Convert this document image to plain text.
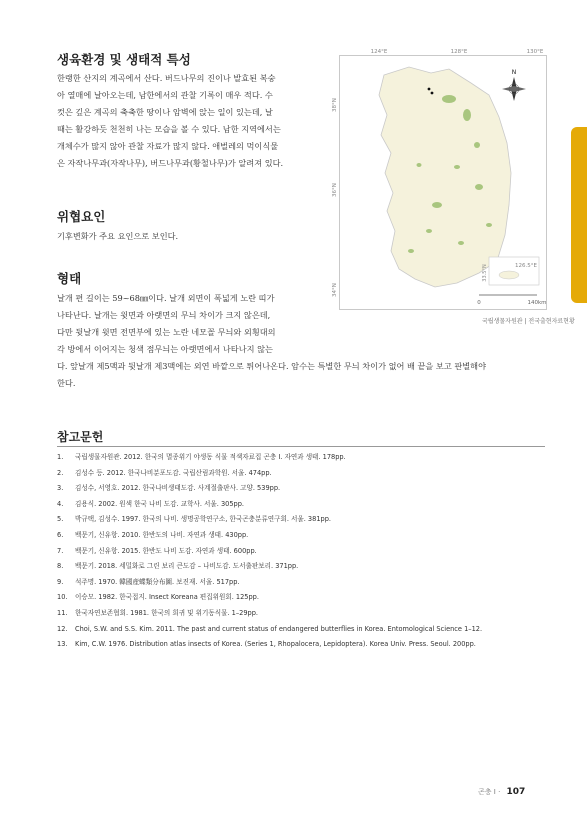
생육환경 및 생태적 특성

한랭한 산지의 계곡에서 산다. 버드나무의 진이나 발효된 복숭
아 열매에 날아오는데, 남한에서의 관찰 기록이 매우 적다. 수
컷은 깊은 계곡의 축축한 땅이나 암벽에 앉는 일이 있는데, 날
때는 활강하듯 천천히 나는 모습을 볼 수 있다. 남한 지역에서는
개체수가 많지 않아 관찰 자료가 많지 않다. 애벌레의 먹이식물
은 자작나무과(자작나무), 버드나무과(황철나무)가 알려져 있다.

위협요인

기후변화가 주요 요인으로 보인다.

형태

날개 편 길이는 59~68㎜이다. 날개 외면이 폭넓게 노란 띠가
나타난다. 날개는 윗면과 아랫면의 무늬 차이가 크지 않은데,
다만 뒷날개 윗면 전면부에 있는 노란 네모꼴 무늬와 외횡대의
각 방에서 이어지는 청색 점무늬는 아랫면에서 나타나지 않는
다. 앞날개 제5맥과 뒷날개 제3맥에는 외연 바깥으로 튀어나온다. 암수는 특별한 무늬 차이가 없어 배 끝을 보고 판별해야
한다.

124°E	128°E	130°E
38°N
36°N
34°N
N
126.5°E
33.5°N
0	140km
국립생물자원관 | 전국출현자료현황
참고문헌
1. 국립생물자원관. 2012. 한국의 멸종위기 야생동 식물 적색자료집 곤충 I. 자연과 생태. 178pp.
2. 김성수 등. 2012. 한국나비분포도감. 국립산림과학원. 서울. 474pp.
3. 김성수, 서영호. 2012. 한국나비생태도감. 사계절출판사. 고양. 539pp.
4. 김용식. 2002. 원색 한국 나비 도감. 교학사. 서울. 305pp.
5. 박규택, 김성수. 1997. 한국의 나비. 생명공학연구소, 한국곤충분류연구회. 서울. 381pp.
6. 백문기, 신유항. 2010. 한반도의 나비. 자연과 생태. 430pp.
7. 백문기, 신유항. 2015. 한반도 나비 도감. 자연과 생태. 600pp.
8. 백문기. 2018. 세밀화로 그린 보리 큰도감 – 나비도감. 도서출판보리. 371pp.
9. 석주명. 1970. 韓國産蝶類分布圖. 보진재. 서울. 517pp.
10. 이승모. 1982. 한국접지. Insect Koreana 편집위원회. 125pp.
11. 한국자연보존협회. 1981. 한국의 희귀 및 위기동식물. 1–29pp.
12. Choi, S.W. and S.S. Kim. 2011. The past and current status of endangered butterflies in Korea. Entomological Science 1–12.
13. Kim, C.W. 1976. Distribution atlas insects of Korea. (Series 1, Rhopalocera, Lepidoptera). Korea Univ. Press. Seoul. 200pp.
곤충 I · 107
